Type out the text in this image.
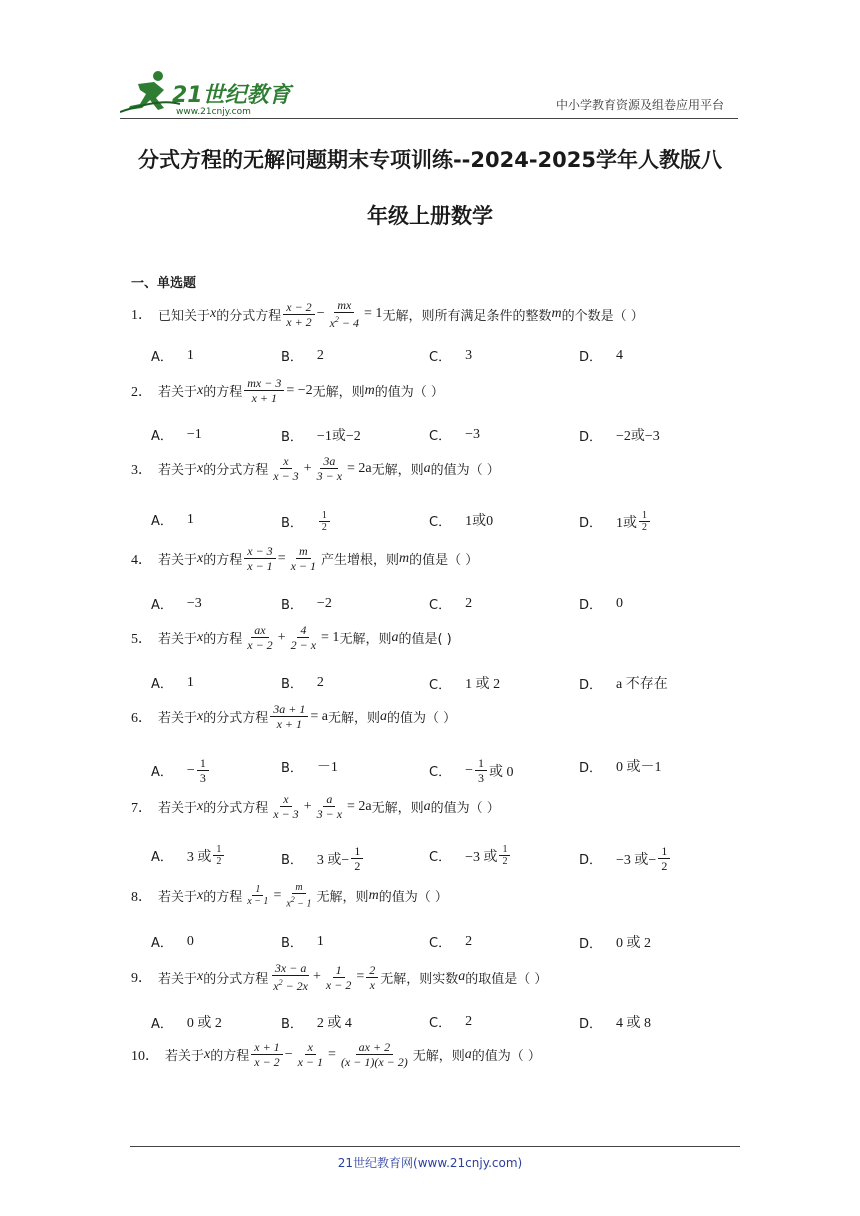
21世纪教育
www.21cnjy.com	中小学教育资源及组卷应用平台
分式方程的无解问题期末专项训练--2024-2025学年人教版八
年级上册数学
一、单选题
1． 已知关于 x 的分式方程 $\frac{x - 2}{x + 2} - \frac{mx}{x^2 - 4} = 1$ 无解，则所有满足条件的整数 m 的个数是（ ）
A． 1	B． 2	C． 3	D． 4
2． 若关于 x 的方程 $\frac{mx - 3}{x + 1} = -2$ 无解，则 m 的值为（ ）
A． −1	B． −1或−2	C． −3	D． −2或−3
3． 若关于 x 的分式方程 $\frac{x}{x - 3} + \frac{3a}{3 - x} = 2a$ 无解，则 a 的值为（ ）
A． 1	B． $\frac{1}{2}$	C． 1或0	D． 1或 $\frac{1}{2}$
4． 若关于 x 的方程 $\frac{x - 3}{x - 1} = \frac{m}{x - 1}$ 产生增根，则 m 的值是（ ）
A． −3	B． −2	C． 2	D． 0
5． 若关于 x 的方程 $\frac{ax}{x - 2} + \frac{4}{2 - x} = 1$ 无解，则 a 的值是( )
A． 1	B． 2	C． 1 或 2	D． a 不存在
6． 若关于 x 的分式方程 $\frac{3a + 1}{x + 1} = a$ 无解，则 a 的值为（ ）
A． − $\frac{1}{3}$	B． －1	C． − $\frac{1}{3}$ 或 0	D． 0 或－1
7． 若关于 x 的分式方程 $\frac{x}{x - 3} + \frac{a}{3 - x} = 2a$ 无解，则 a 的值为（ ）
A． 3 或 $\frac{1}{2}$	B． 3 或− $\frac{1}{2}$	C． −3 或 $\frac{1}{2}$	D． −3 或− $\frac{1}{2}$
8． 若关于 x 的方程 $\frac{1}{x - 1} = \frac{m}{x^2 - 1}$ 无解，则 m 的值为（ ）
A． 0	B． 1	C． 2	D． 0 或 2
9． 若关于 x 的分式方程 $\frac{3x - a}{x^2 - 2x} + \frac{1}{x - 2} = \frac{2}{x}$ 无解，则实数 a 的取值是（ ）
A． 0 或 2	B． 2 或 4	C． 2	D． 4 或 8
10． 若关于 x 的方程 $\frac{x + 1}{x - 2} - \frac{x}{x - 1} = \frac{ax + 2}{(x - 1)(x - 2)}$ 无解，则 a 的值为（ ）
21世纪教育网(www.21cnjy.com)
